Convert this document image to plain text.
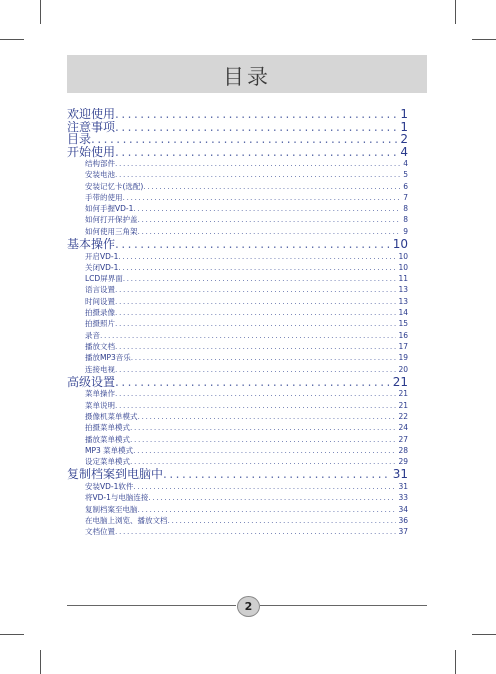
目录
欢迎使用 .....	1
注意事项 .....	1
目录 .....	2
开始使用 .....	4
结构部件 .....	4
安装电池 .....	5
安装记忆卡(选配) .....	6
手带的使用 .....	7
如何手握VD-1 .....	8
如何打开保护盖 .....	8
如何使用三角架 .....	9
基本操作 .....	10
开启VD-1 .....	10
关闭VD-1 .....	10
LCD屏界面 .....	11
语言设置 .....	13
时间设置 .....	13
拍摄录像 .....	14
拍摄照片 .....	15
录音 .....	16
播放文档 .....	17
播放MP3音乐 .....	19
连接电视 .....	20
高级设置 .....	21
菜单操作 .....	21
菜单说明 .....	21
摄像机菜单模式 .....	22
拍摄菜单模式 .....	24
播放菜单模式 .....	27
MP3 菜单模式 .....	28
设定菜单模式 .....	29
复制档案到电脑中 .....	31
安装VD-1软件 .....	31
将VD-1与电脑连接 .....	33
复制档案至电脑 .....	34
在电脑上浏览、播放文档 .....	36
文档位置 .....	37
2
